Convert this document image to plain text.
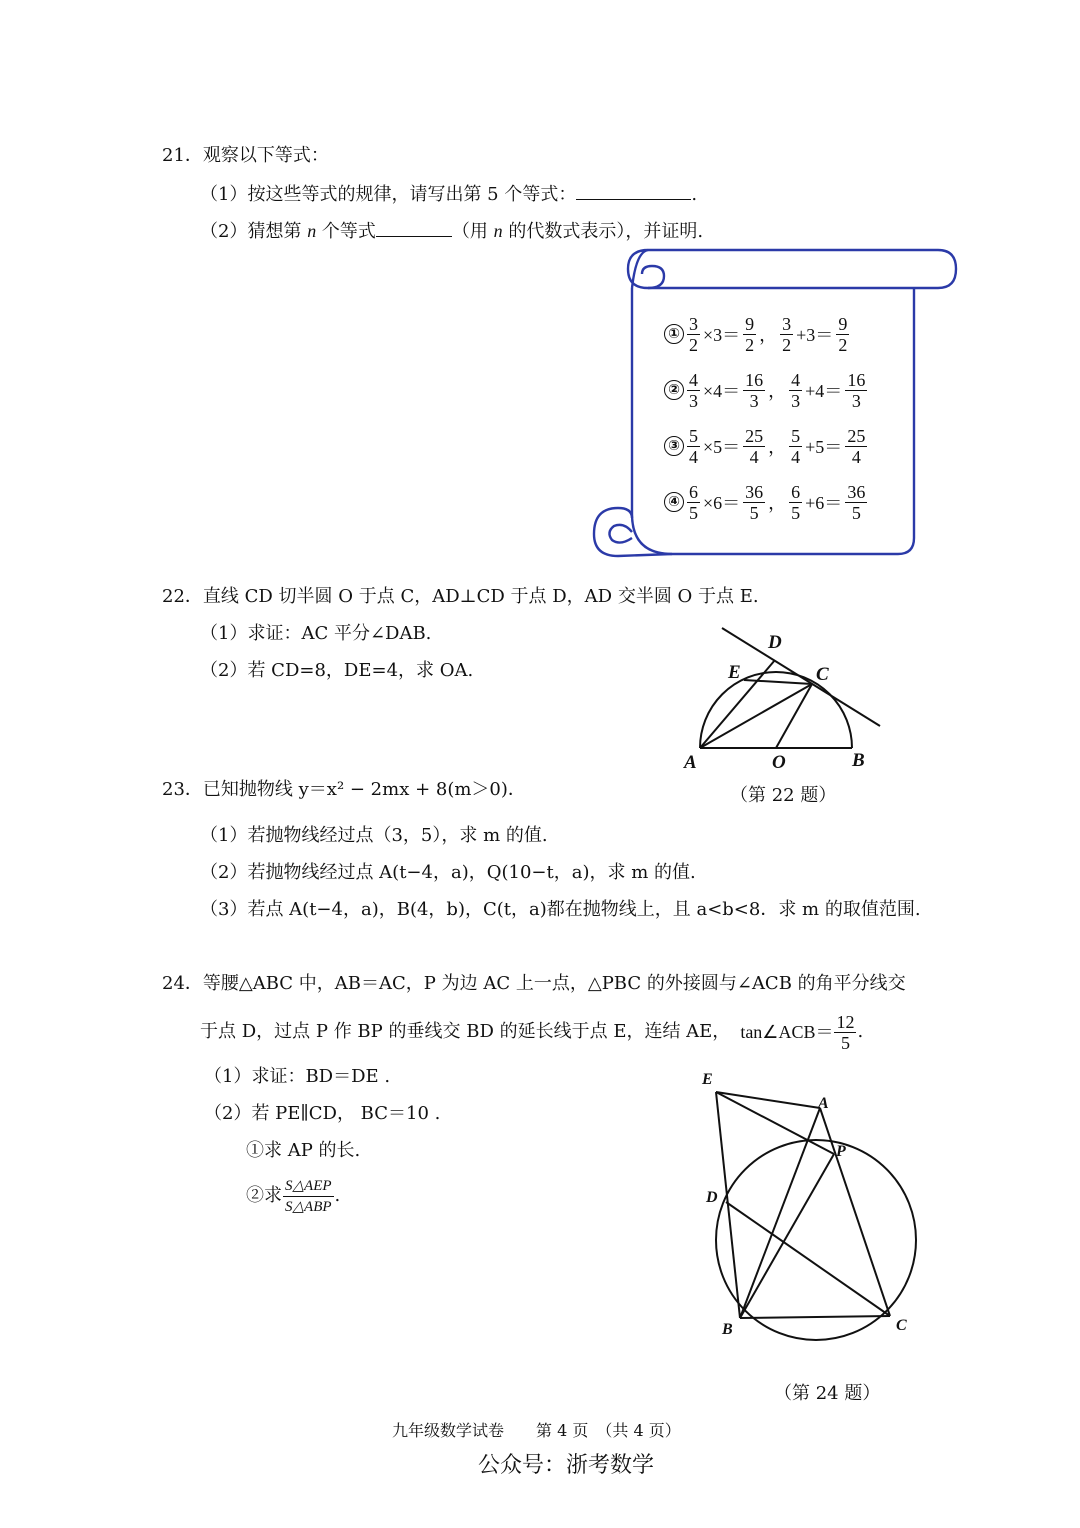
21．观察以下等式：
（1）按这些等式的规律，请写出第 5 个等式：	.
（2）猜想第 n 个等式	（用 n 的代数式表示），并证明.
① $\frac{3}{2} \times 3= \frac{9}{2}$ ， $\frac{3}{2} +3= \frac{9}{2}$
② $\frac{4}{3} \times 4= \frac{16}{3}$ ， $\frac{4}{3} +4= \frac{16}{3}$
③ $\frac{5}{4} \times 5= \frac{25}{4}$ ， $\frac{5}{4} +5= \frac{25}{4}$
④ $\frac{6}{5} \times 6= \frac{36}{5}$ ， $\frac{6}{5} +6= \frac{36}{5}$
22．直线 CD 切半圆 O 于点 C，AD⊥CD 于点 D，AD 交半圆 O 于点 E.
（1）求证：AC 平分∠DAB.
（2）若 CD=8，DE=4，求 OA.
A	B
C
D
E
O
（第 22 题）
23．已知抛物线 y＝x² − 2mx + 8(m＞0)．
（1）若抛物线经过点（3，5），求 m 的值.
（2）若抛物线经过点 A(t−4，a)，Q(10−t，a)，求 m 的值.
（3）若点 A(t−4，a)，B(4，b)，C(t，a)都在抛物线上，且 a<b<8．求 m 的取值范围.
24．等腰△ABC 中，AB＝AC，P 为边 AC 上一点，△PBC 的外接圆与∠ACB 的角平分线交
于点 D，过点 P 作 BP 的垂线交 BD 的延长线于点 E，连结 AE， tan∠ACB＝ $\frac{12}{5}$ .
（1）求证：BD＝DE .
（2）若 PE∥CD， BC＝10 .
①求 AP 的长.
②求 $\frac{\text{S△AEP}}{\text{S△ABP}}$ .
E
A
P
D
B	C
（第 24 题）
九年级数学试卷　　第 4 页　（共 4 页）
公众号：浙考数学
